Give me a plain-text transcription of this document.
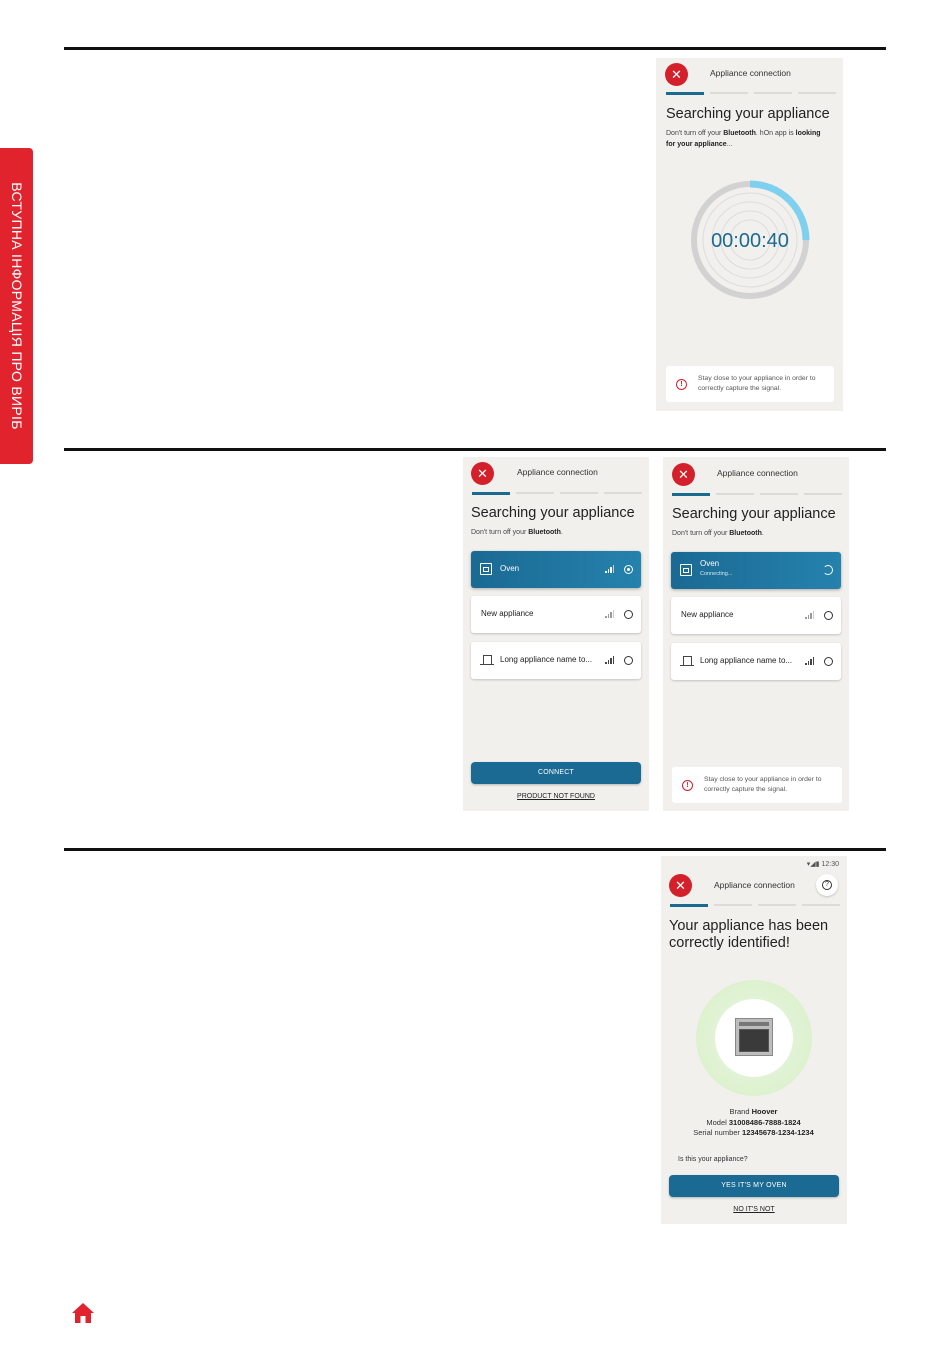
ВСТУПНА ІНФОРМАЦІЯ ПРО ВИРІБ
✕	Appliance connection
Searching your appliance
Don't turn off your Bluetooth. hOn app is looking for your appliance...
00:00:40
!
Stay close to your appliance in order to correctly capture the signal.
✕	Appliance connection
Searching your appliance
Don't turn off your Bluetooth.
Oven
New appliance
Long appliance name to...
CONNECT
PRODUCT NOT FOUND
✕	Appliance connection
Searching your appliance
Don't turn off your Bluetooth.
Oven
Connecting...
New appliance
Long appliance name to...
!
Stay close to your appliance in order to correctly capture the signal.
▾◢▮ 12:30
✕	Appliance connection	?
Your appliance has been
correctly identified!
Brand Hoover
Model 31008486-7888-1824
Serial number 12345678-1234-1234
Is this your appliance?
YES IT'S MY OVEN
NO IT'S NOT
